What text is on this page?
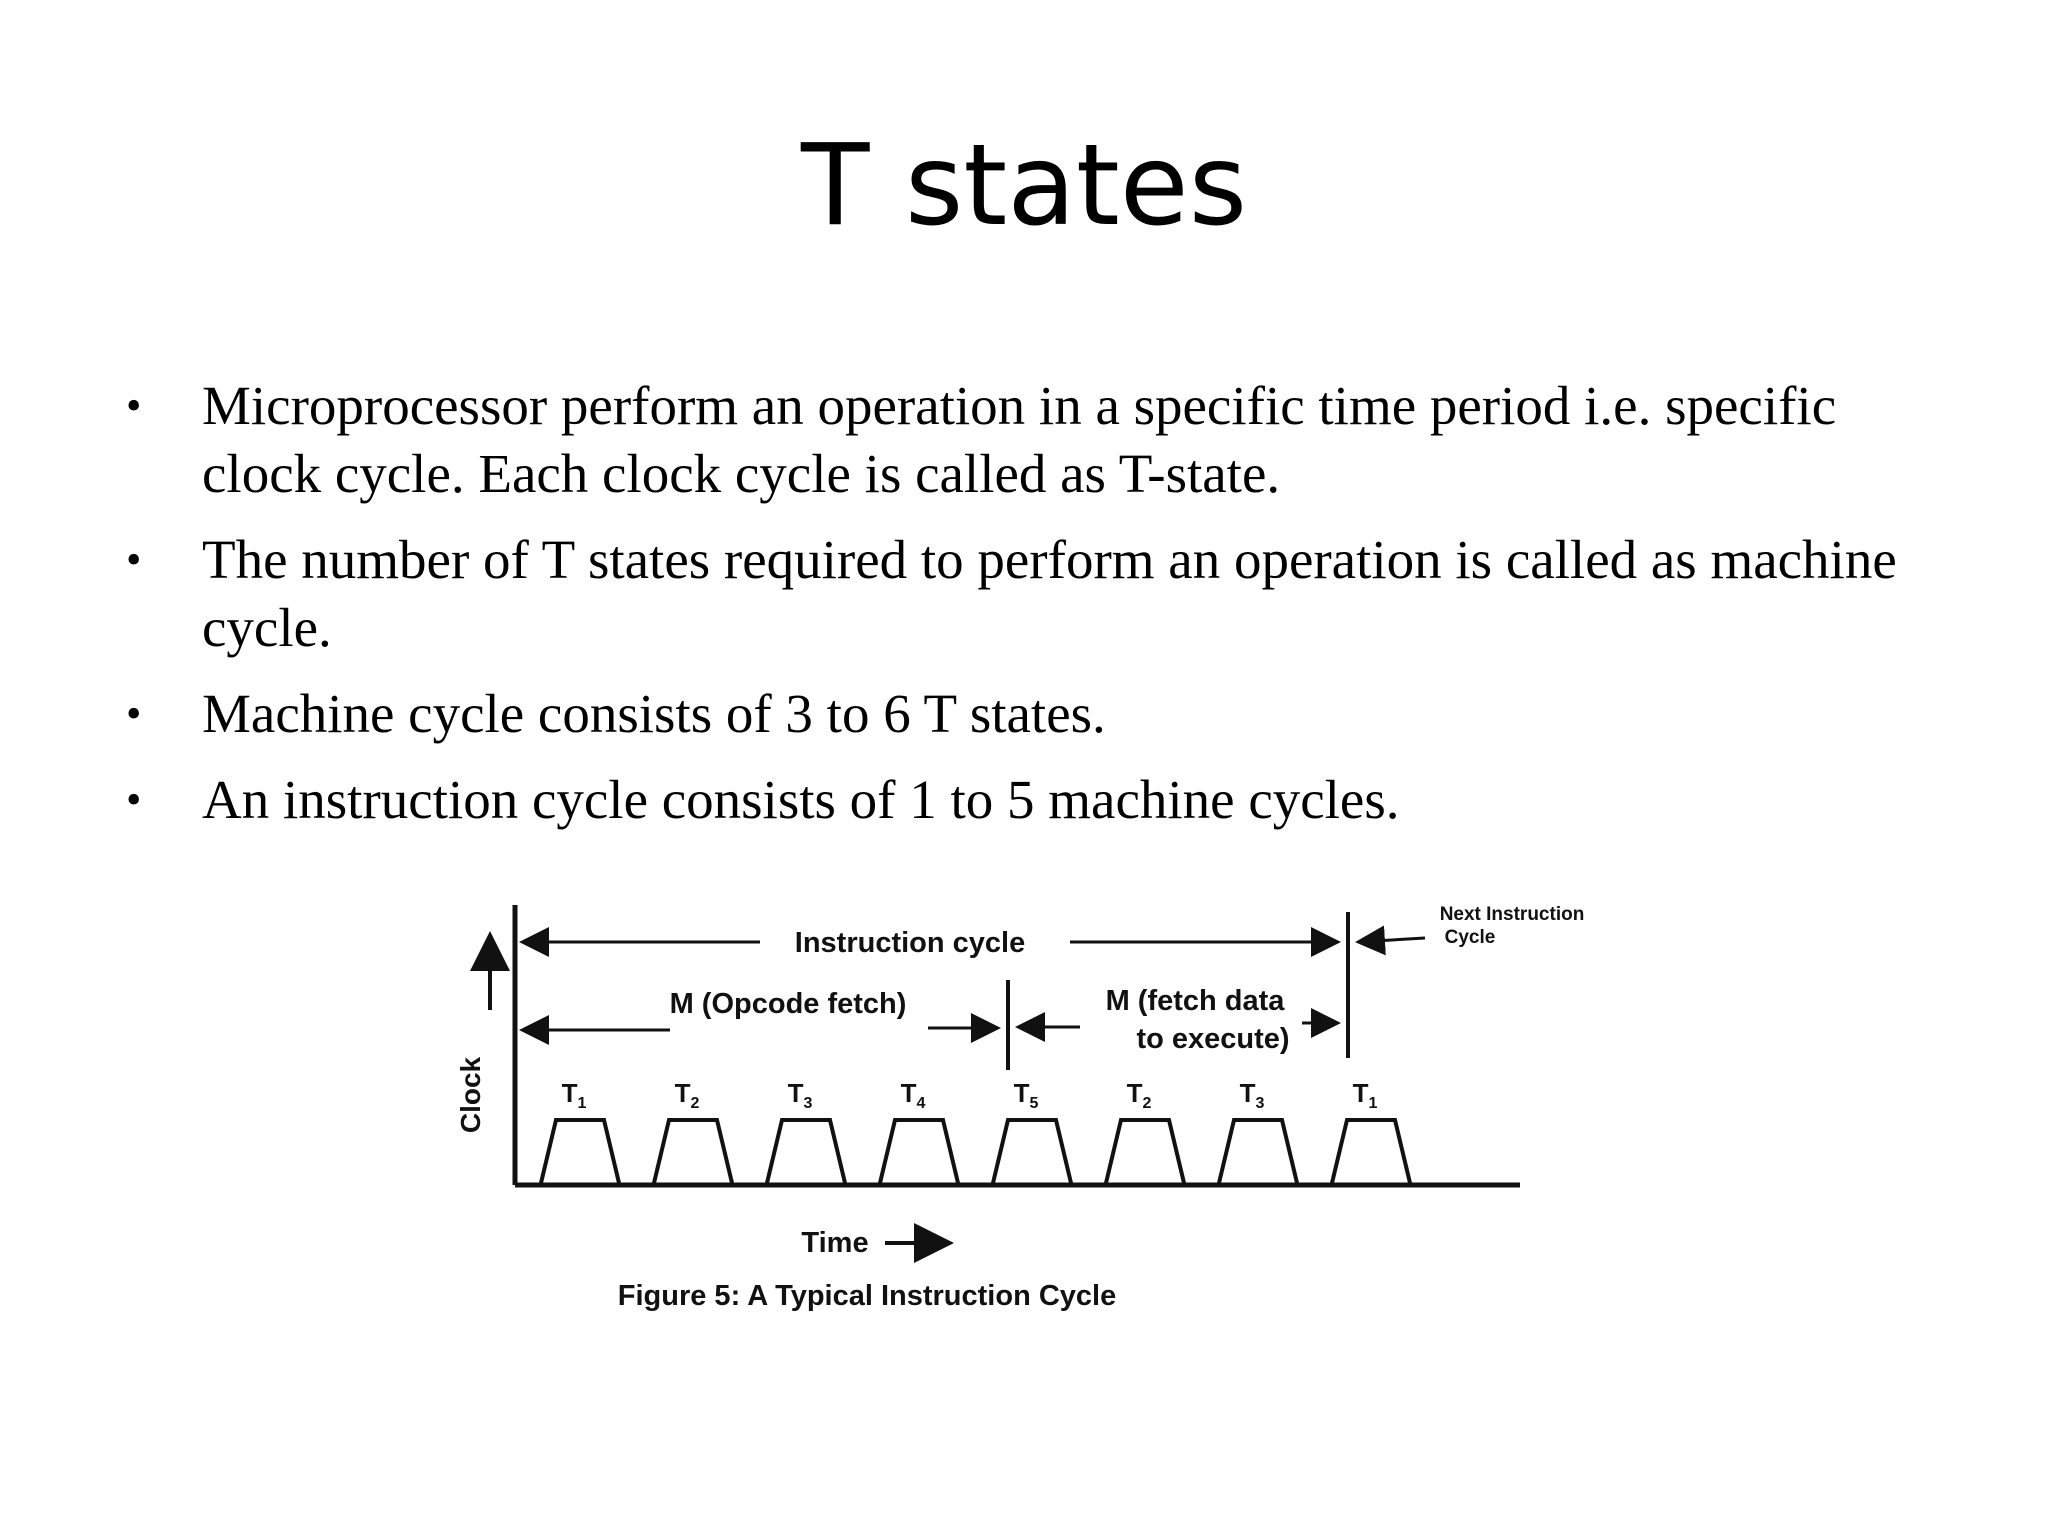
T states
• Microprocessor perform an operation in a specific time period i.e. specific clock cycle. Each clock cycle is called as T-state.
• The number of T states required to perform an operation is called as machine cycle.
• Machine cycle consists of 3 to 6 T states.
• An instruction cycle consists of 1 to 5 machine cycles.
Clock
Instruction cycle
Next Instruction
Cycle
M (Opcode fetch)	M (fetch data
to execute)
$T_1$	$T_2$	$T_3$	$T_4$	$T_5$	$T_2$	$T_3$	$T_1$
Time
Figure 5: A Typical Instruction Cycle
